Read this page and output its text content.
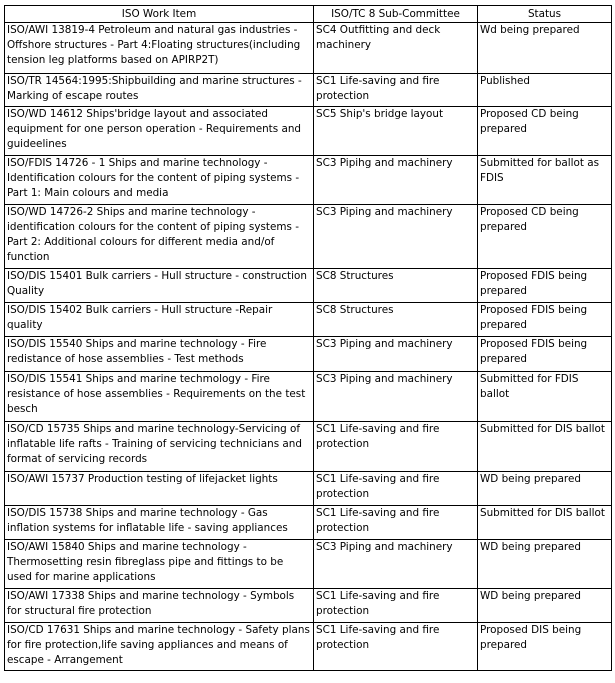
ISO Work Item	ISO/TC 8 Sub-Committee	Status
ISO/AWI 13819-4 Petroleum and natural gas industries - Offshore structures - Part 4:Floating structures(including tension leg platforms based on APIRP2T)	SC4 Outfitting and deck machinery	Wd being prepared
ISO/TR 14564:1995:Shipbuilding and marine structures - Marking of escape routes	SC1 Life-saving and fire protection	Published
ISO/WD 14612 Ships'bridge layout and associated equipment for one person operation - Requirements and guideelines	SC5 Ship's bridge layout	Proposed CD being prepared
ISO/FDIS 14726 - 1 Ships and marine technology - Identification colours for the content of piping systems - Part 1: Main colours and media	SC3 Pipihg and machinery	Submitted for ballot as FDIS
ISO/WD 14726-2 Ships and marine technology - identification colours for the content of piping systems - Part 2: Additional colours for different media and/of function	SC3 Piping and machinery	Proposed CD being prepared
ISO/DIS 15401 Bulk carriers - Hull structure - construction Quality	SC8 Structures	Proposed FDIS being prepared
ISO/DIS 15402 Bulk carriers - Hull structure -Repair quality	SC8 Structures	Proposed FDIS being prepared
ISO/DIS 15540 Ships and marine technology - Fire redistance of hose assemblies - Test methods	SC3 Piping and machinery	Proposed FDIS being prepared
ISO/DIS 15541 Ships and marine techmology - Fire resistance of hose assemblies - Requirements on the test besch	SC3 Piping and machinery	Submitted for FDIS ballot
ISO/CD 15735 Ships and marine technology-Servicing of inflatable life rafts - Training of servicing technicians and format of servicing records	SC1 Life-saving and fire protection	Submitted for DIS ballot
ISO/AWI 15737 Production testing of lifejacket lights	SC1 Life-saving and fire protection	WD being prepared
ISO/DIS 15738 Ships and marine technology - Gas inflation systems for inflatable life - saving appliances	SC1 Life-saving and fire protection	Submitted for DIS ballot
ISO/AWI 15840 Ships and marine technology - Thermosetting resin fibreglass pipe and fittings to be used for marine applications	SC3 Piping and machinery	WD being prepared
ISO/AWI 17338 Ships and marine technology - Symbols for structural fire protection	SC1 Life-saving and fire protection	WD being prepared
ISO/CD 17631 Ships and marine technology - Safety plans for fire protection,life saving appliances and means of escape - Arrangement	SC1 Life-saving and fire protection	Proposed DIS being prepared
